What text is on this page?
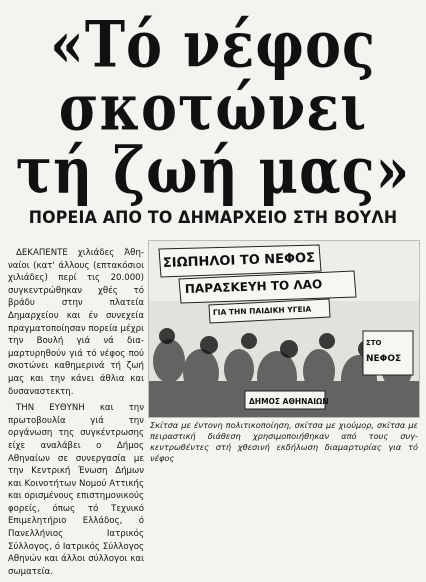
«Τό νέφος
σκοτώνει
τή ζωή μας»
ΠΟΡΕΙΑ ΑΠΟ ΤΟ ΔΗΜΑΡΧΕΙΟ ΣΤΗ ΒΟΥΛΗ

ΔΕΚΑΠΕΝΤΕ χιλιάδες Άθηναίοι (κατ' άλλους (επτακόσιοι χιλιάδες) περί τις 20.000) συγκεντρώθηκαν χθές τό βράδυ στην πλατεία Δημαρχείου και έν συνεχεία πραγματοποίησαν πορεία μέχρι την Βουλή γιά νά διαμαρτυρηθούν γιά τό νέφος πού σκοτώνει καθημερινά τή ζωή μας και την κάνει άθλια και δυσαναστεκτη.

ΤΗΝ ΕΥΘΥΝΗ και την πρωτοβουλία γιά την οργάνωση της συγκέντρωσης είχε αναλάβει ο Δήμος Αθηναίων σε συνεργασία με την Κεντρική Ένωση Δήμων και Κοινοτήτων Νομού Αττικής και ορισμένους επιστημονικούς φορείς, όπως τό Τεχνικό Επιμελητήριο Ελλάδος, ό Πανελλήνιος Ιατρικός Σύλλογος, ό Ιατρικός Σύλλογος Αθηνών και άλλοι σύλλογοι και σωματεία.

ΣΙΩΠΗΛΟΙ ΤΟ ΝΕΦΟΣ
ΠΑΡΑΣΚΕΥΗ ΤΟ ΛΑΟ
ΓΙΑ ΤΗΝ ΠΑΙΔΙΚΗ ΥΓΕΙΑ
ΣΤΟ
ΝΕΦΟΣ
ΔΗΜΟΣ ΑΘΗΝΑΙΩΝ
Σκίτσα με έντονη πολιτικοποίηση, σκίτσα με χιούμορ, σκίτσα με πειραστική διάθεση χρησιμοποιήθηκαν από τους συγκεντρωθέντες στή χθεσινή εκδήλωση διαμαρτυρίας για τό νέφος
